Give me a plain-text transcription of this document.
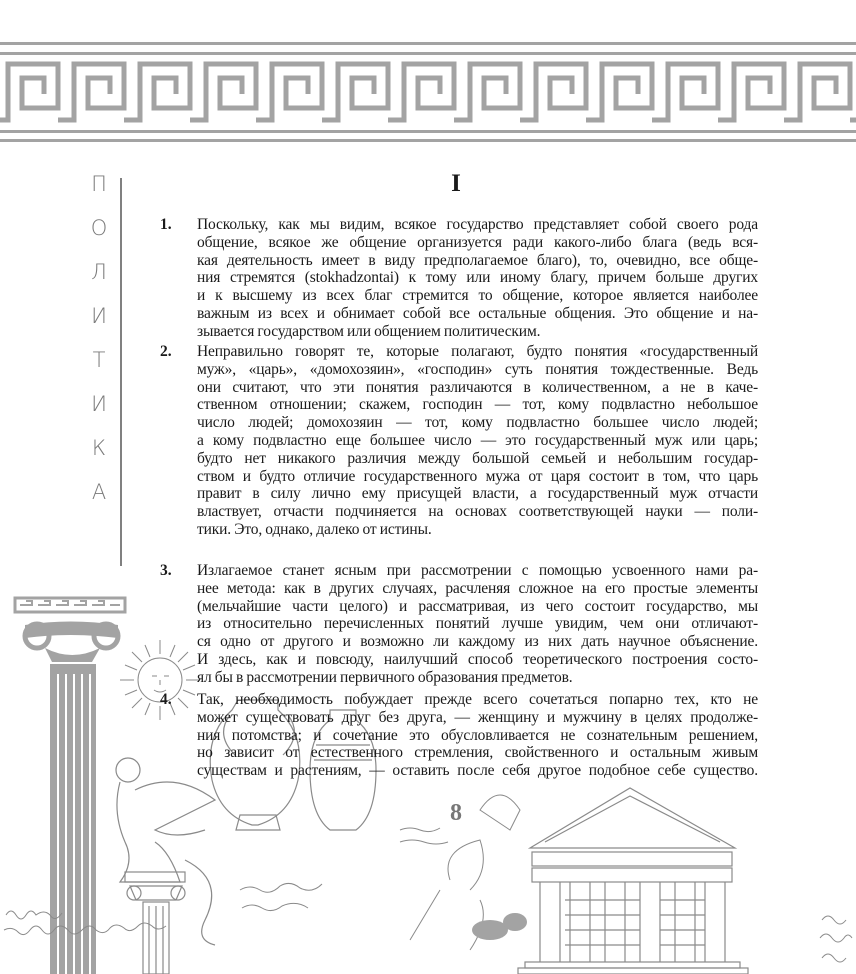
П
О
Л
И
Т
И
К
А
I
1. Поскольку, как мы видим, всякое государство представляет собой своего рода
общение, всякое же общение организуется ради какого-либо блага (ведь вся-
кая деятельность имеет в виду предполагаемое благо), то, очевидно, все обще-
ния стремятся (stokhadzontai) к тому или иному благу, причем больше других
и к высшему из всех благ стремится то общение, которое является наиболее
важным из всех и обнимает собой все остальные общения. Это общение и на-
зывается государством или общением политическим.
2. Неправильно говорят те, которые полагают, будто понятия «государственный
муж», «царь», «домохозяин», «господин» суть понятия тождественные. Ведь
они считают, что эти понятия различаются в количественном, а не в каче-
ственном отношении; скажем, господин — тот, кому подвластно небольшое
число людей; домохозяин — тот, кому подвластно большее число людей;
а кому подвластно еще большее число — это государственный муж или царь;
будто нет никакого различия между большой семьей и небольшим государ-
ством и будто отличие государственного мужа от царя состоит в том, что царь
правит в силу лично ему присущей власти, а государственный муж отчасти
властвует, отчасти подчиняется на основах соответствующей науки — поли-
тики. Это, однако, далеко от истины.
3. Излагаемое станет ясным при рассмотрении с помощью усвоенного нами ра-
нее метода: как в других случаях, расчленяя сложное на его простые элементы
(мельчайшие части целого) и рассматривая, из чего состоит государство, мы
из относительно перечисленных понятий лучше увидим, чем они отличают-
ся одно от другого и возможно ли каждому из них дать научное объяснение.
И здесь, как и повсюду, наилучший способ теоретического построения состо-
ял бы в рассмотрении первичного образования предметов.
4. Так, необходимость побуждает прежде всего сочетаться попарно тех, кто не
может существовать друг без друга, — женщину и мужчину в целях продолже-
ния потомства; и сочетание это обусловливается не сознательным решением,
но зависит от естественного стремления, свойственного и остальным живым
существам и растениям, — оставить после себя другое подобное себе существо.
8
